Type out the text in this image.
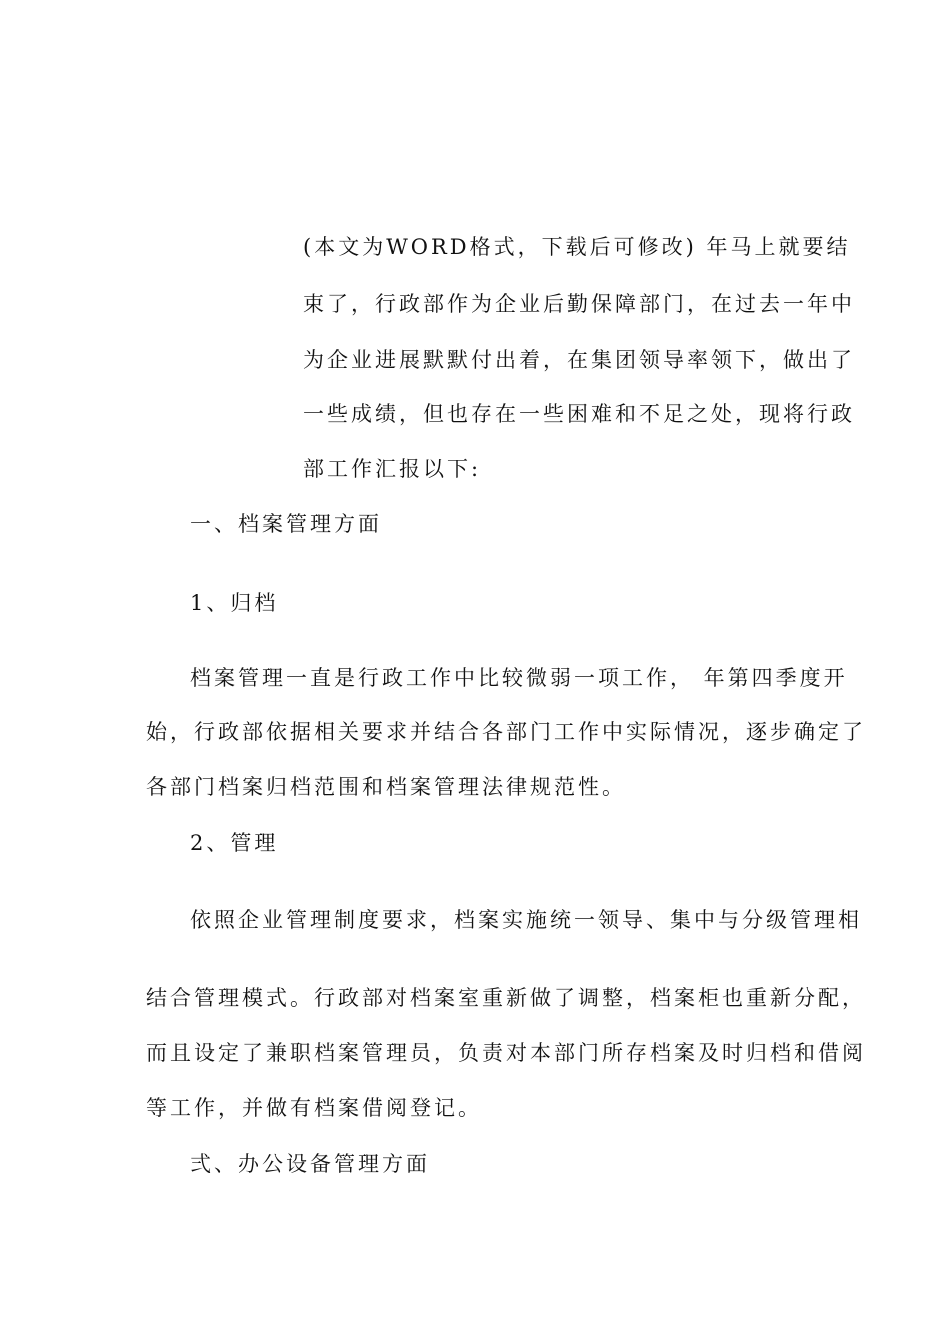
(本文为WORD格式，下载后可修改) 年马上就要结
束了，行政部作为企业后勤保障部门，在过去一年中
为企业进展默默付出着，在集团领导率领下，做出了
一些成绩，但也存在一些困难和不足之处，现将行政
部工作汇报以下:
一、档案管理方面
1、归档
档案管理一直是行政工作中比较微弱一项工作， 年第四季度开
始，行政部依据相关要求并结合各部门工作中实际情况，逐步确定了
各部门档案归档范围和档案管理法律规范性。
2、管理
依照企业管理制度要求，档案实施统一领导、集中与分级管理相
结合管理模式。行政部对档案室重新做了调整，档案柜也重新分配，
而且设定了兼职档案管理员，负责对本部门所存档案及时归档和借阅
等工作，并做有档案借阅登记。
弍、办公设备管理方面
